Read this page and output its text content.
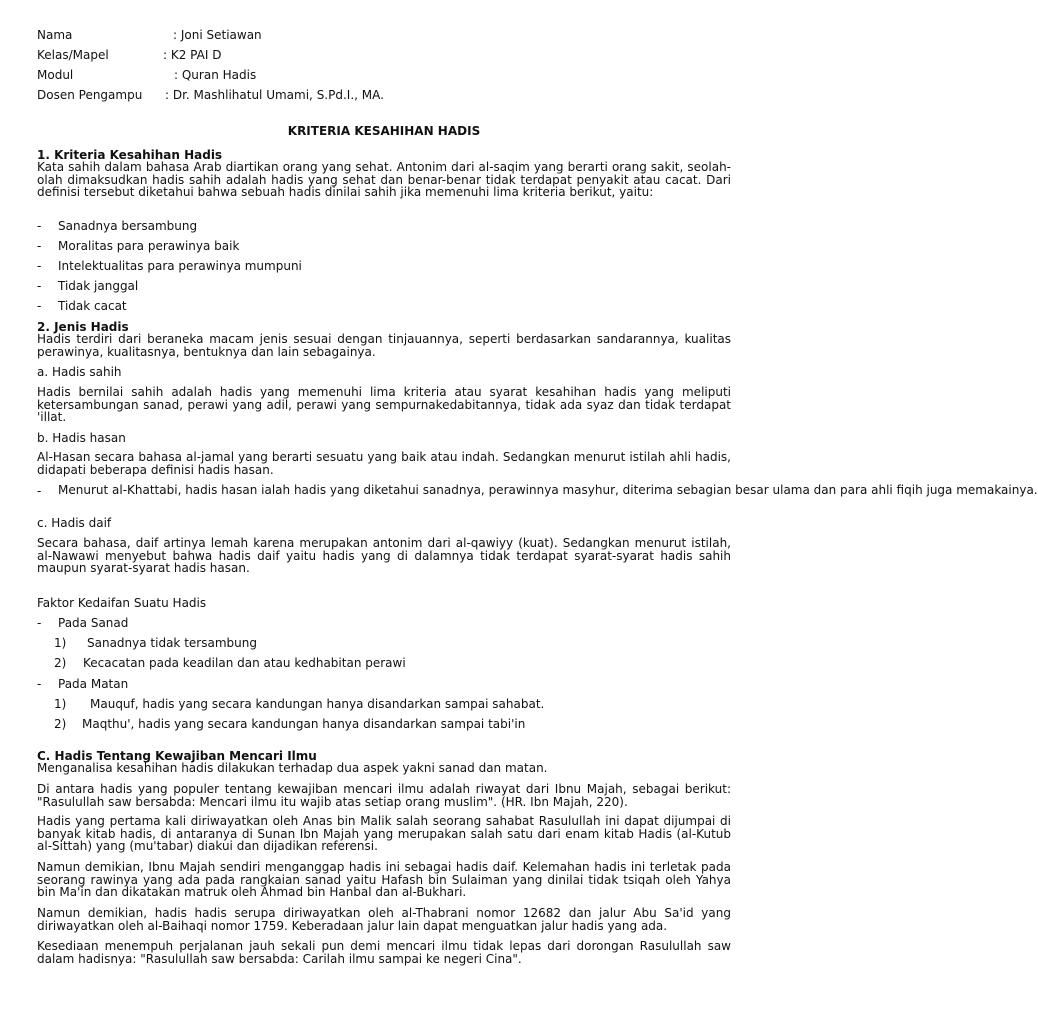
Nama	: Joni Setiawan
Kelas/Mapel	: K2 PAI D
Modul	: Quran Hadis
Dosen Pengampu : Dr. Mashlihatul Umami, S.Pd.I., MA.
KRITERIA KESAHIHAN HADIS
1. Kriteria Kesahihan Hadis
Kata sahih dalam bahasa Arab diartikan orang yang sehat. Antonim dari al-saqim yang berarti orang sakit, seolah-olah dimaksudkan hadis sahih adalah hadis yang sehat dan benar-benar tidak terdapat penyakit atau cacat. Dari definisi tersebut diketahui bahwa sebuah hadis dinilai sahih jika memenuhi lima kriteria berikut, yaitu:
- Sanadnya bersambung
- Moralitas para perawinya baik
- Intelektualitas para perawinya mumpuni
- Tidak janggal
- Tidak cacat
2. Jenis Hadis
Hadis terdiri dari beraneka macam jenis sesuai dengan tinjauannya, seperti berdasarkan sandarannya, kualitas perawinya, kualitasnya, bentuknya dan lain sebagainya.
a. Hadis sahih
Hadis bernilai sahih adalah hadis yang memenuhi lima kriteria atau syarat kesahihan hadis yang meliputi ketersambungan sanad, perawi yang adil, perawi yang sempurnakedabitannya, tidak ada syaz dan tidak terdapat 'illat.
b. Hadis hasan
Al-Hasan secara bahasa al-jamal yang berarti sesuatu yang baik atau indah. Sedangkan menurut istilah ahli hadis, didapati beberapa definisi hadis hasan.
-	Menurut al-Khattabi, hadis hasan ialah hadis yang diketahui sanadnya, perawinnya masyhur, diterima sebagian besar ulama dan para ahli fiqih juga memakainya.
c. Hadis daif
Secara bahasa, daif artinya lemah karena merupakan antonim dari al-qawiyy (kuat). Sedangkan menurut istilah, al-Nawawi menyebut bahwa hadis daif yaitu hadis yang di dalamnya tidak terdapat syarat-syarat hadis sahih maupun syarat-syarat hadis hasan.
Faktor Kedaifan Suatu Hadis
- Pada Sanad
1) Sanadnya tidak tersambung
2) Kecacatan pada keadilan dan atau kedhabitan perawi
- Pada Matan
1) Mauquf, hadis yang secara kandungan hanya disandarkan sampai sahabat.
2) Maqthu', hadis yang secara kandungan hanya disandarkan sampai tabi'in
C. Hadis Tentang Kewajiban Mencari Ilmu
Menganalisa kesahihan hadis dilakukan terhadap dua aspek yakni sanad dan matan.
Di antara hadis yang populer tentang kewajiban mencari ilmu adalah riwayat dari Ibnu Majah, sebagai berikut: "Rasulullah saw bersabda: Mencari ilmu itu wajib atas setiap orang muslim". (HR. Ibn Majah, 220).
Hadis yang pertama kali diriwayatkan oleh Anas bin Malik salah seorang sahabat Rasulullah ini dapat dijumpai di banyak kitab hadis, di antaranya di Sunan Ibn Majah yang merupakan salah satu dari enam kitab Hadis (al-Kutub al-Sittah) yang (mu'tabar) diakui dan dijadikan referensi.
Namun demikian, Ibnu Majah sendiri menganggap hadis ini sebagai hadis daif. Kelemahan hadis ini terletak pada seorang rawinya yang ada pada rangkaian sanad yaitu Hafash bin Sulaiman yang dinilai tidak tsiqah oleh Yahya bin Ma'in dan dikatakan matruk oleh Ahmad bin Hanbal dan al-Bukhari.
Namun demikian, hadis hadis serupa diriwayatkan oleh al-Thabrani nomor 12682 dan jalur Abu Sa'id yang diriwayatkan oleh al-Baihaqi nomor 1759. Keberadaan jalur lain dapat menguatkan jalur hadis yang ada.
Kesediaan menempuh perjalanan jauh sekali pun demi mencari ilmu tidak lepas dari dorongan Rasulullah saw dalam hadisnya: "Rasulullah saw bersabda: Carilah ilmu sampai ke negeri Cina".
